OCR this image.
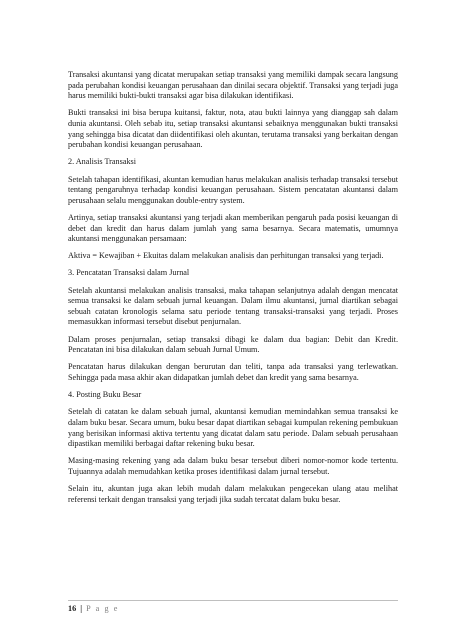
Transaksi akuntansi yang dicatat merupakan setiap transaksi yang memiliki dampak secara langsung pada perubahan kondisi keuangan perusahaan dan dinilai secara objektif. Transaksi yang terjadi juga harus memiliki bukti-bukti transaksi agar bisa dilakukan identifikasi.

Bukti transaksi ini bisa berupa kuitansi, faktur, nota, atau bukti lainnya yang dianggap sah dalam dunia akuntansi. Oleh sebab itu, setiap transaksi akuntansi sebaiknya menggunakan bukti transaksi yang sehingga bisa dicatat dan diidentifikasi oleh akuntan, terutama transaksi yang berkaitan dengan perubahan kondisi keuangan perusahaan.

2. Analisis Transaksi

Setelah tahapan identifikasi, akuntan kemudian harus melakukan analisis terhadap transaksi tersebut tentang pengaruhnya terhadap kondisi keuangan perusahaan. Sistem pencatatan akuntansi dalam perusahaan selalu menggunakan double-entry system.

Artinya, setiap transaksi akuntansi yang terjadi akan memberikan pengaruh pada posisi keuangan di debet dan kredit dan harus dalam jumlah yang sama besarnya. Secara matematis, umumnya akuntansi menggunakan persamaan:

Aktiva = Kewajiban + Ekuitas dalam melakukan analisis dan perhitungan transaksi yang terjadi.

3. Pencatatan Transaksi dalam Jurnal

Setelah akuntansi melakukan analisis transaksi, maka tahapan selanjutnya adalah dengan mencatat semua transaksi ke dalam sebuah jurnal keuangan. Dalam ilmu akuntansi, jurnal diartikan sebagai sebuah catatan kronologis selama satu periode tentang transaksi-transaksi yang terjadi. Proses memasukkan informasi tersebut disebut penjurnalan.

Dalam proses penjurnalan, setiap transaksi dibagi ke dalam dua bagian: Debit dan Kredit. Pencatatan ini bisa dilakukan dalam sebuah Jurnal Umum.

Pencatatan harus dilakukan dengan berurutan dan teliti, tanpa ada transaksi yang terlewatkan. Sehingga pada masa akhir akan didapatkan jumlah debet dan kredit yang sama besarnya.

4. Posting Buku Besar

Setelah di catatan ke dalam sebuah jurnal, akuntansi kemudian memindahkan semua transaksi ke dalam buku besar. Secara umum, buku besar dapat diartikan sebagai kumpulan rekening pembukuan yang berisikan informasi aktiva tertentu yang dicatat dalam satu periode. Dalam sebuah perusahaan dipastikan memiliki berbagai daftar rekening buku besar.

Masing-masing rekening yang ada dalam buku besar tersebut diberi nomor-nomor kode tertentu. Tujuannya adalah memudahkan ketika proses identifikasi dalam jurnal tersebut.

Selain itu, akuntan juga akan lebih mudah dalam melakukan pengecekan ulang atau melihat referensi terkait dengan transaksi yang terjadi jika sudah tercatat dalam buku besar.

16 | P a g e
